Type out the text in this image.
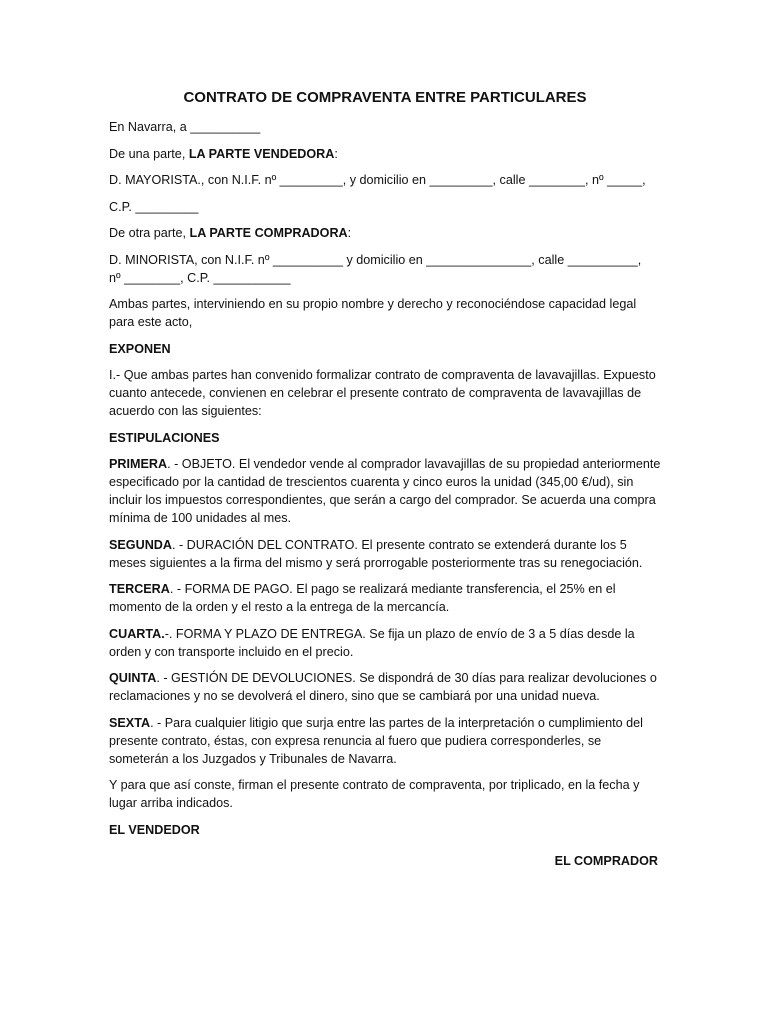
CONTRATO DE COMPRAVENTA ENTRE PARTICULARES

En Navarra, a __________

De una parte, LA PARTE VENDEDORA:

D. MAYORISTA., con N.I.F. nº _________, y domicilio en _________, calle ________, nº _____,

C.P. _________

De otra parte, LA PARTE COMPRADORA:

D. MINORISTA, con N.I.F. nº __________ y domicilio en _______________, calle __________,
nº ________, C.P. ___________

Ambas partes, interviniendo en su propio nombre y derecho y reconociéndose capacidad legal para este acto,

EXPONEN

I.- Que ambas partes han convenido formalizar contrato de compraventa de lavavajillas. Expuesto cuanto antecede, convienen en celebrar el presente contrato de compraventa de lavavajillas de acuerdo con las siguientes:

ESTIPULACIONES

PRIMERA. - OBJETO. El vendedor vende al comprador lavavajillas de su propiedad anteriormente especificado por la cantidad de trescientos cuarenta y cinco euros la unidad (345,00 €/ud), sin incluir los impuestos correspondientes, que serán a cargo del comprador. Se acuerda una compra mínima de 100 unidades al mes.

SEGUNDA. - DURACIÓN DEL CONTRATO. El presente contrato se extenderá durante los 5 meses siguientes a la firma del mismo y será prorrogable posteriormente tras su renegociación.

TERCERA. - FORMA DE PAGO. El pago se realizará mediante transferencia, el 25% en el momento de la orden y el resto a la entrega de la mercancía.

CUARTA.-. FORMA Y PLAZO DE ENTREGA. Se fija un plazo de envío de 3 a 5 días desde la orden y con transporte incluido en el precio.

QUINTA. - GESTIÓN DE DEVOLUCIONES. Se dispondrá de 30 días para realizar devoluciones o reclamaciones y no se devolverá el dinero, sino que se cambiará por una unidad nueva.

SEXTA. - Para cualquier litigio que surja entre las partes de la interpretación o cumplimiento del presente contrato, éstas, con expresa renuncia al fuero que pudiera corresponderles, se someterán a los Juzgados y Tribunales de Navarra.

Y para que así conste, firman el presente contrato de compraventa, por triplicado, en la fecha y lugar arriba indicados.

EL VENDEDOR

EL COMPRADOR
